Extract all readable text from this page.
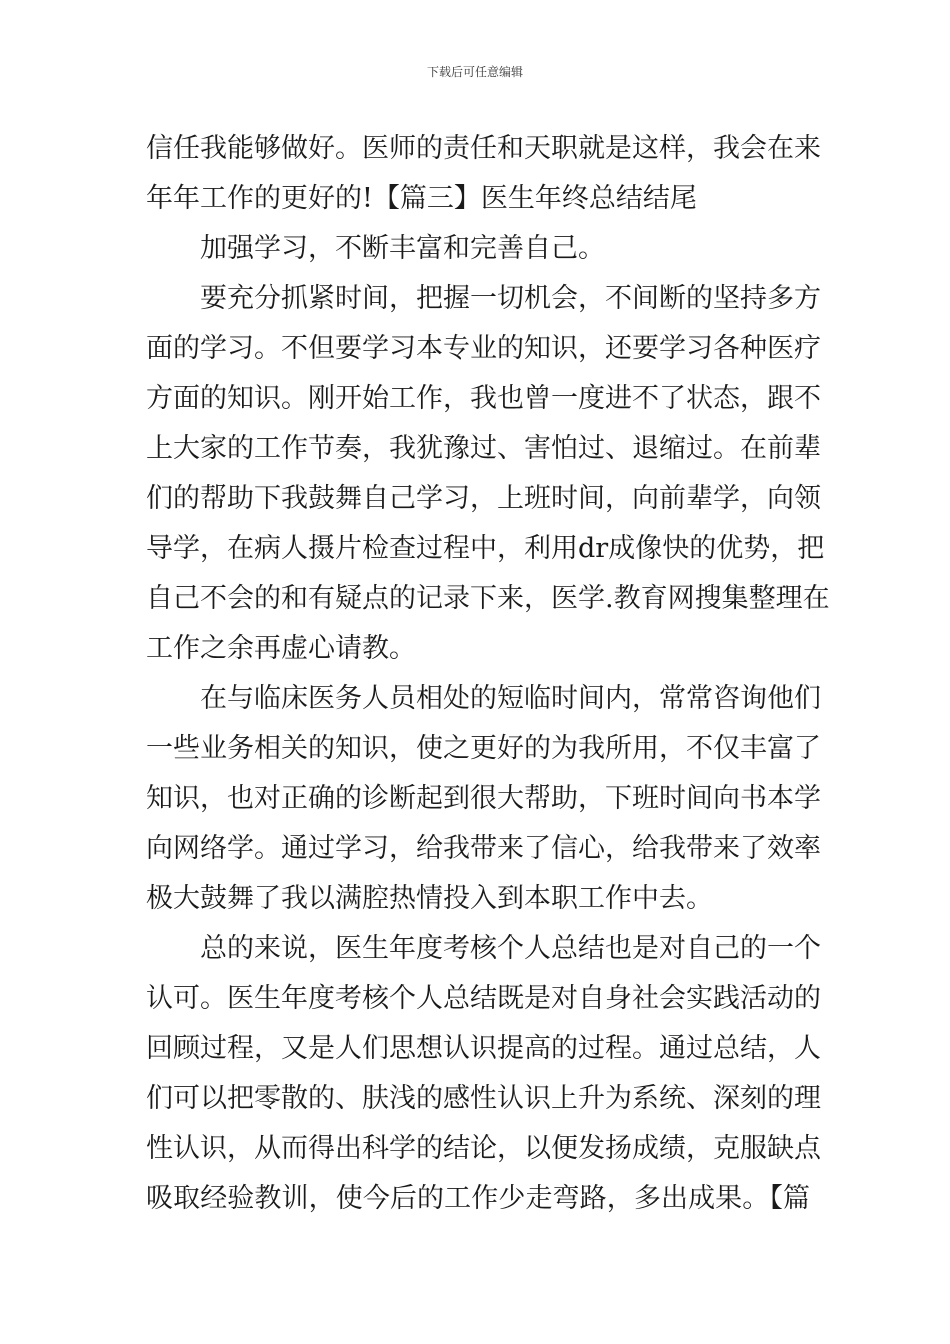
下载后可任意编辑
信任我能够做好。医师的责任和天职就是这样，我会在来
年年工作的更好的!【篇三】医生年终总结结尾
加强学习，不断丰富和完善自己。
要充分抓紧时间，把握一切机会，不间断的坚持多方
面的学习。不但要学习本专业的知识，还要学习各种医疗
方面的知识。刚开始工作，我也曾一度进不了状态，跟不
上大家的工作节奏，我犹豫过、害怕过、退缩过。在前辈
们的帮助下我鼓舞自己学习，上班时间，向前辈学，向领
导学，在病人摄片检查过程中，利用dr成像快的优势，把
自己不会的和有疑点的记录下来，医学.教育网搜集整理在
工作之余再虚心请教。
在与临床医务人员相处的短临时间内，常常咨询他们
一些业务相关的知识，使之更好的为我所用，不仅丰富了
知识，也对正确的诊断起到很大帮助，下班时间向书本学
向网络学。通过学习，给我带来了信心，给我带来了效率
极大鼓舞了我以满腔热情投入到本职工作中去。
总的来说，医生年度考核个人总结也是对自己的一个
认可。医生年度考核个人总结既是对自身社会实践活动的
回顾过程，又是人们思想认识提高的过程。通过总结，人
们可以把零散的、肤浅的感性认识上升为系统、深刻的理
性认识，从而得出科学的结论，以便发扬成绩，克服缺点
吸取经验教训，使今后的工作少走弯路，多出成果。【篇
